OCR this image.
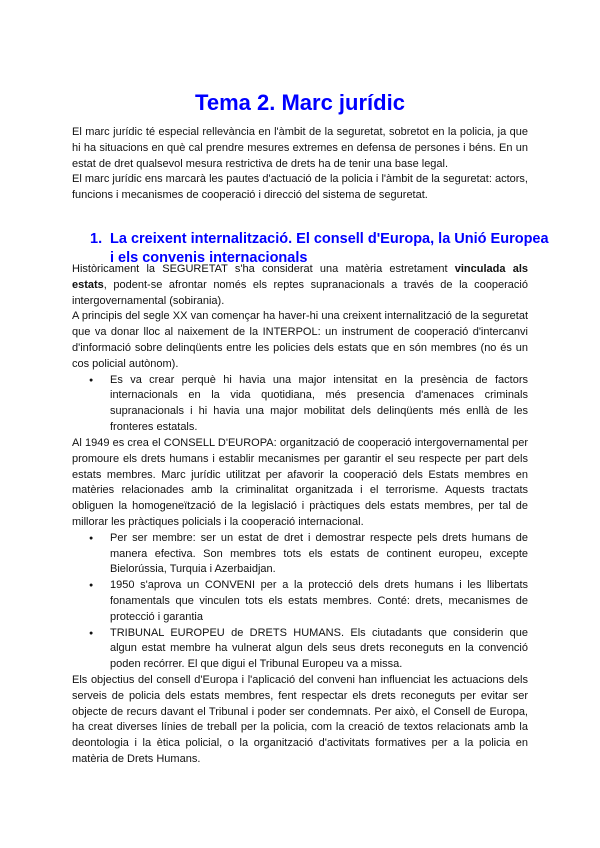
Tema 2. Marc jurídic

El marc jurídic té especial rellevància en l'àmbit de la seguretat, sobretot en la policia, ja que hi ha situacions en què cal prendre mesures extremes en defensa de persones i béns. En un estat de dret qualsevol mesura restrictiva de drets ha de tenir una base legal.

El marc jurídic ens marcarà les pautes d'actuació de la policia i l'àmbit de la seguretat: actors, funcions i mecanismes de cooperació i direcció del sistema de seguretat.

1. La creixent internalització. El consell d'Europa, la Unió Europea i els convenis internacionals

Històricament la SEGURETAT s'ha considerat una matèria estretament vinculada als estats, podent-se afrontar només els reptes supranacionals a través de la cooperació intergovernamental (sobirania).

A principis del segle XX van començar ha haver-hi una creixent internalització de la seguretat que va donar lloc al naixement de la INTERPOL: un instrument de cooperació d'intercanvi d'informació sobre delinqüents entre les policies dels estats que en són membres (no és un cos policial autònom).

● Es va crear perquè hi havia una major intensitat en la presència de factors internacionals en la vida quotidiana, més presencia d'amenaces criminals supranacionals i hi havia una major mobilitat dels delinqüents més enllà de les fronteres estatals.

Al 1949 es crea el CONSELL D'EUROPA: organització de cooperació intergovernamental per promoure els drets humans i establir mecanismes per garantir el seu respecte per part dels estats membres. Marc jurídic utilitzat per afavorir la cooperació dels Estats membres en matèries relacionades amb la criminalitat organitzada i el terrorisme. Aquests tractats obliguen la homogeneïtzació de la legislació i pràctiques dels estats membres, per tal de millorar les pràctiques policials i la cooperació internacional.

● Per ser membre: ser un estat de dret i demostrar respecte pels drets humans de manera efectiva. Son membres tots els estats de continent europeu, excepte Bielorússia, Turquia i Azerbaidjan.
● 1950 s'aprova un CONVENI per a la protecció dels drets humans i les llibertats fonamentals que vinculen tots els estats membres. Conté: drets, mecanismes de protecció i garantia
● TRIBUNAL EUROPEU de DRETS HUMANS. Els ciutadants que considerin que algun estat membre ha vulnerat algun dels seus drets reconeguts en la convenció poden recórrer. El que digui el Tribunal Europeu va a missa.

Els objectius del consell d'Europa i l'aplicació del conveni han influenciat les actuacions dels serveis de policia dels estats membres, fent respectar els drets reconeguts per evitar ser objecte de recurs davant el Tribunal i poder ser condemnats. Per això, el Consell de Europa, ha creat diverses línies de treball per la policia, com la creació de textos relacionats amb la deontologia i la ètica policial, o la organització d'activitats formatives per a la policia en matèria de Drets Humans.
